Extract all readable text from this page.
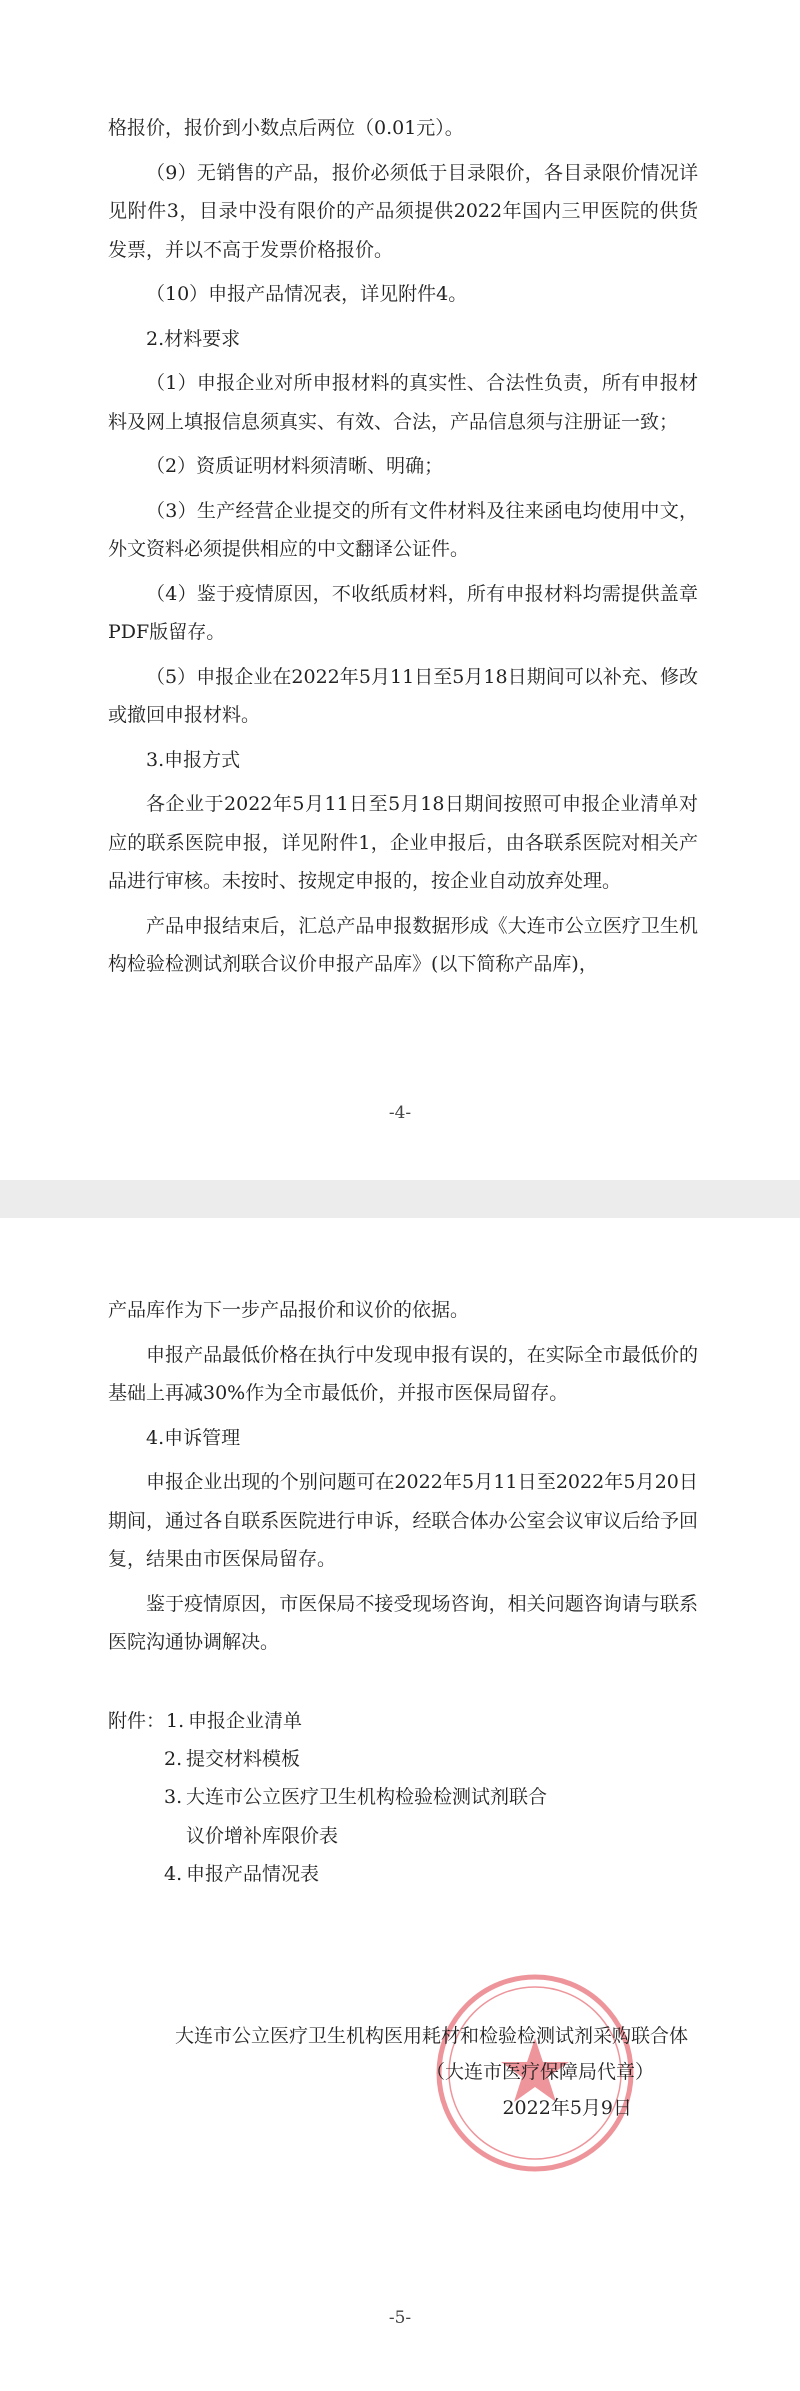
格报价，报价到小数点后两位（0.01元）。

（9）无销售的产品，报价必须低于目录限价，各目录限价情况详见附件3，目录中没有限价的产品须提供2022年国内三甲医院的供货发票，并以不高于发票价格报价。

（10）申报产品情况表，详见附件4。

2.材料要求

（1）申报企业对所申报材料的真实性、合法性负责，所有申报材料及网上填报信息须真实、有效、合法，产品信息须与注册证一致；

（2）资质证明材料须清晰、明确；

（3）生产经营企业提交的所有文件材料及往来函电均使用中文，外文资料必须提供相应的中文翻译公证件。

（4）鉴于疫情原因，不收纸质材料，所有申报材料均需提供盖章PDF版留存。

（5）申报企业在2022年5月11日至5月18日期间可以补充、修改或撤回申报材料。

3.申报方式

各企业于2022年5月11日至5月18日期间按照可申报企业清单对应的联系医院申报，详见附件1，企业申报后，由各联系医院对相关产品进行审核。未按时、按规定申报的，按企业自动放弃处理。

产品申报结束后，汇总产品申报数据形成《大连市公立医疗卫生机构检验检测试剂联合议价申报产品库》(以下简称产品库)，

-4-

产品库作为下一步产品报价和议价的依据。

申报产品最低价格在执行中发现申报有误的，在实际全市最低价的基础上再减30%作为全市最低价，并报市医保局留存。

4.申诉管理

申报企业出现的个别问题可在2022年5月11日至2022年5月20日期间，通过各自联系医院进行申诉，经联合体办公室会议审议后给予回复，结果由市医保局留存。

鉴于疫情原因，市医保局不接受现场咨询，相关问题咨询请与联系医院沟通协调解决。

附件： 1. 申报企业清单
2. 提交材料模板
3. 大连市公立医疗卫生机构检验检测试剂联合议价增补库限价表
4. 申报产品情况表
大连市公立医疗卫生机构医用耗材和检验检测试剂采购联合体
（大连市医疗保障局代章）
2022年5月9日
-5-
